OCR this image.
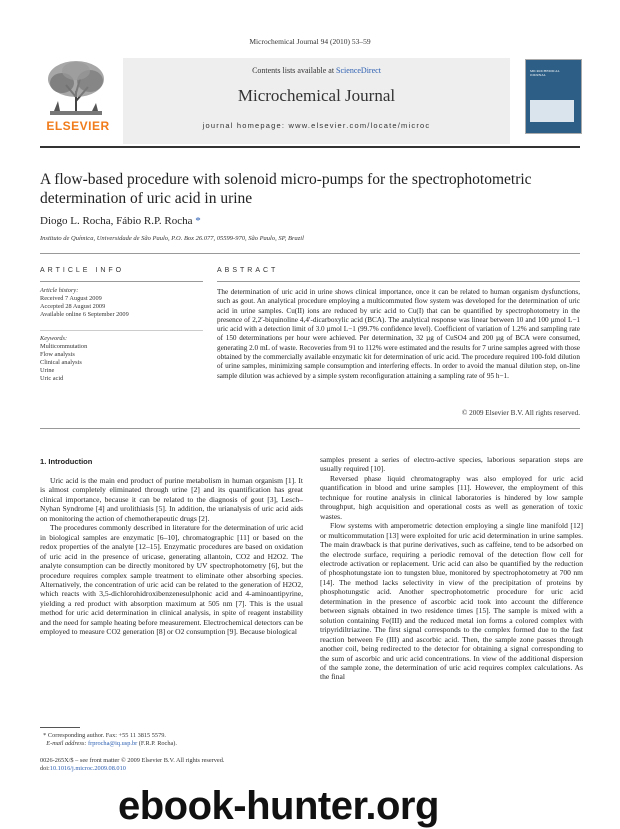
Microchemical Journal 94 (2010) 53–59
ELSEVIER
Contents lists available at ScienceDirect
Microchemical Journal
journal homepage: www.elsevier.com/locate/microc
MICROCHEMICAL
JOURNAL
A flow-based procedure with solenoid micro-pumps for the spectrophotometric
determination of uric acid in urine
Diogo L. Rocha, Fábio R.P. Rocha *
Instituto de Química, Universidade de São Paulo, P.O. Box 26.077, 05599-970, São Paulo, SP, Brazil
ARTICLE INFO	ABSTRACT
Article history:
Received 7 August 2009
Accepted 28 August 2009
Available online 6 September 2009
Keywords:
Multicommutation
Flow analysis
Clinical analysis
Urine
Uric acid
The determination of uric acid in urine shows clinical importance, once it can be related to human organism dysfunctions, such as gout. An analytical procedure employing a multicommuted flow system was developed for the determination of uric acid in urine samples. Cu(II) ions are reduced by uric acid to Cu(I) that can be quantified by spectrophotometry in the presence of 2,2′-biquinoline 4,4′-dicarboxylic acid (BCA). The analytical response was linear between 10 and 100 µmol L−1 uric acid with a detection limit of 3.0 µmol L−1 (99.7% confidence level). Coefficient of variation of 1.2% and sampling rate of 150 determinations per hour were achieved. Per determination, 32 µg of CuSO4 and 200 µg of BCA were consumed, generating 2.0 mL of waste. Recoveries from 91 to 112% were estimated and the results for 7 urine samples agreed with those obtained by the commercially available enzymatic kit for determination of uric acid. The procedure required 100-fold dilution of urine samples, minimizing sample consumption and interfering effects. In order to avoid the manual dilution step, on-line sample dilution was achieved by a simple system reconfiguration attaining a sampling rate of 95 h−1.
© 2009 Elsevier B.V. All rights reserved.
1. Introduction

Uric acid is the main end product of purine metabolism in human organism [1]. It is almost completely eliminated through urine [2] and its quantification has great clinical importance, because it can be related to the diagnosis of gout [3], Lesch–Nyhan Syndrome [4] and urolithiasis [5]. In addition, the urianalysis of uric acid aids on monitoring the action of chemotherapeutic drugs [2].

The procedures commonly described in literature for the determination of uric acid in biological samples are enzymatic [6–10], chromatographic [11] or based on the redox properties of the analyte [12–15]. Enzymatic procedures are based on oxidation of uric acid in the presence of uricase, generating allantoin, CO2 and H2O2. The analyte consumption can be directly monitored by UV spectrophotometry [6], but the procedure requires complex sample treatment to eliminate other absorbing species. Alternatively, the concentration of uric acid can be related to the generation of H2O2, which reacts with 3,5-dichlorohidroxibenzenesulphonic acid and 4-aminoantipyrine, yielding a red product with absorption maximum at 505 nm [7]. This is the usual method for uric acid determination in clinical analysis, in spite of reagent instability and the need for sample heating before measurement. Electrochemical detectors can be employed to measure CO2 generation [8] or O2 consumption [9]. Because biological

samples present a series of electro-active species, laborious separation steps are usually required [10].

Reversed phase liquid chromatography was also employed for uric acid quantification in blood and urine samples [11]. However, the employment of this technique for routine analysis in clinical laboratories is hindered by low sample throughput, high acquisition and operational costs as well as generation of toxic wastes.

Flow systems with amperometric detection employing a single line manifold [12] or multicommutation [13] were exploited for uric acid determination in urine samples. The main drawback is that purine derivatives, such as caffeine, tend to be adsorbed on the electrode surface, requiring a periodic removal of the detection flow cell for electrode activation or replacement. Uric acid can also be quantified by the reduction of phosphotungstate ion to tungsten blue, monitored by spectrophotometry at 700 nm [14]. The method lacks selectivity in view of the precipitation of proteins by phosphotungstic acid. Another spectrophotometric procedure for uric acid determination in the presence of ascorbic acid took into account the difference between signals obtained in two residence times [15]. The sample is mixed with a solution containing Fe(III) and the reduced metal ion forms a colored complex with tripyridiltriazine. The first signal corresponds to the complex formed due to the fast reaction between Fe (III) and ascorbic acid. Then, the sample zone passes through another coil, being redirected to the detector for obtaining a signal corresponding to the sum of ascorbic and uric acid concentrations. In view of the additional dispersion of the sample zone, the determination of uric acid requires complex calculations. As the final

* Corresponding author. Fax: +55 11 3815 5579.
E-mail address: frprocha@iq.usp.br (F.R.P. Rocha).
0026-265X/$ – see front matter © 2009 Elsevier B.V. All rights reserved.
doi:10.1016/j.microc.2009.08.010
ebook-hunter.org
